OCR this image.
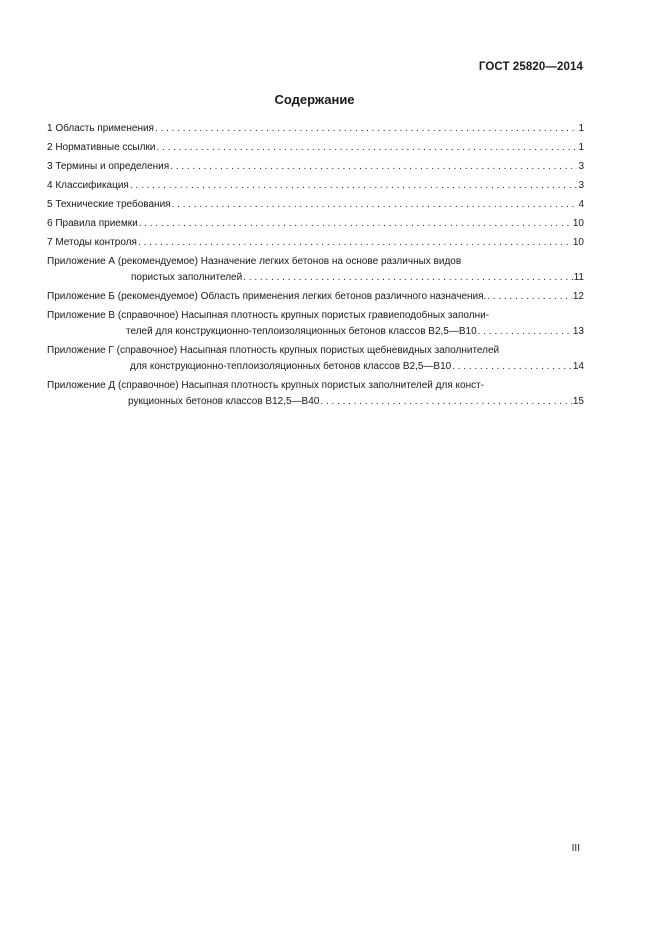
ГОСТ 25820—2014
Содержание
1 Область применения . . .	1
2 Нормативные ссылки . . .	1
3 Термины и определения . . .	3
4 Классификация . . .	3
5 Технические требования . . .	4
6 Правила приемки . . .	10
7 Методы контроля . . .	10
Приложение А (рекомендуемое) Назначение легких бетонов на основе различных видов
пористых заполнителей . . .	11
Приложение Б (рекомендуемое) Область применения легких бетонов различного назначения. . . .	12
Приложение В (справочное) Насыпная плотность крупных пористых гравиеподобных заполни-
телей для конструкционно-теплоизоляционных бетонов классов В2,5—В10 . . .	13
Приложение Г (справочное) Насыпная плотность крупных пористых щебневидных заполнителей
для конструкционно-теплоизоляционных бетонов классов В2,5—В10 . . .	14
Приложение Д (справочное) Насыпная плотность крупных пористых заполнителей для конст-
рукционных бетонов классов В12,5—В40 . . .	15
III
